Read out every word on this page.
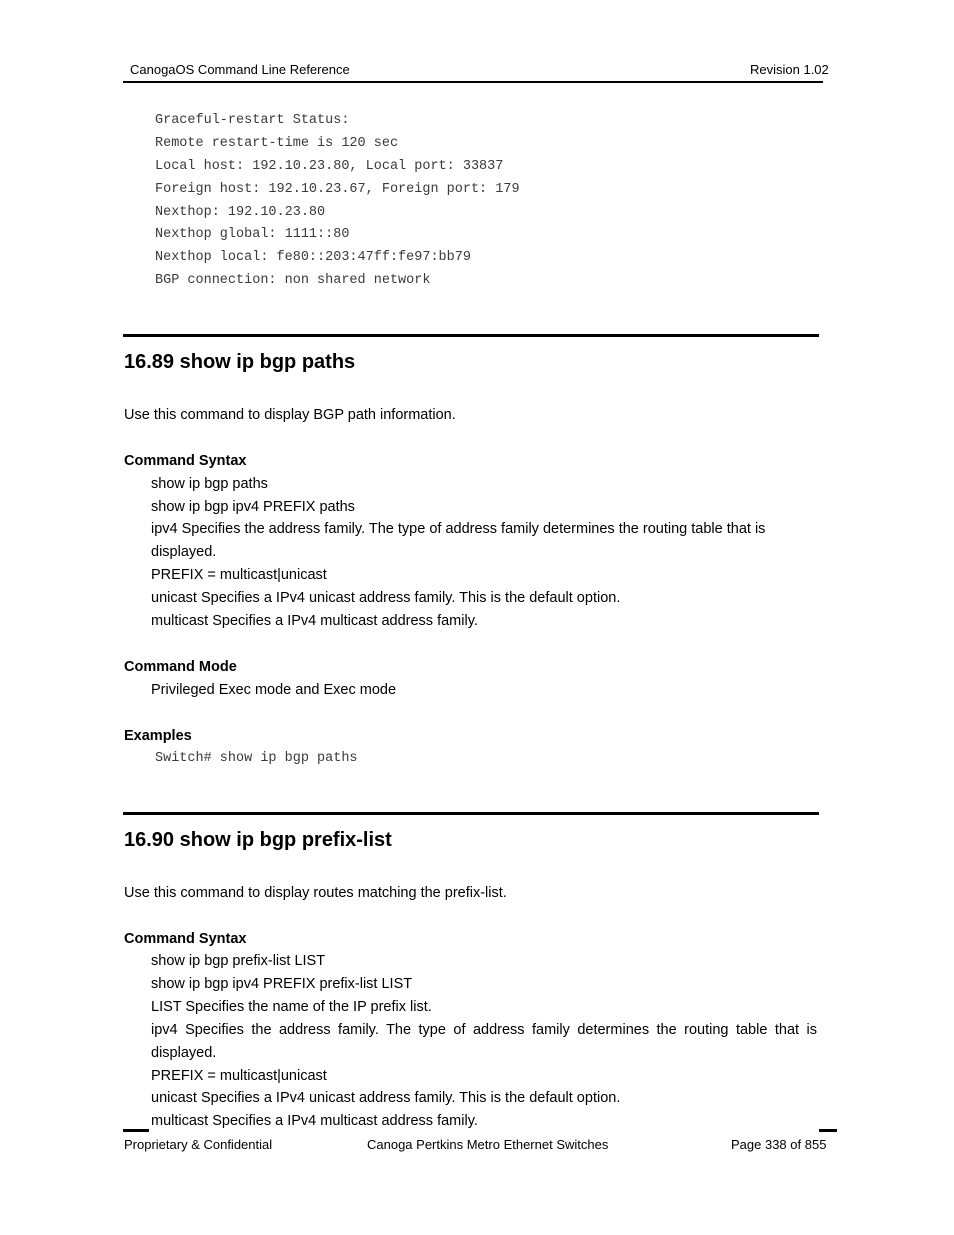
CanogaOS Command Line Reference	Revision 1.02
Graceful-restart Status:
Remote restart-time is 120 sec
Local host: 192.10.23.80, Local port: 33837
Foreign host: 192.10.23.67, Foreign port: 179
Nexthop: 192.10.23.80
Nexthop global: 1111::80
Nexthop local: fe80::203:47ff:fe97:bb79
BGP connection: non shared network
16.89 show ip bgp paths
Use this command to display BGP path information.
Command Syntax
show ip bgp paths
show ip bgp ipv4 PREFIX paths
ipv4 Specifies the address family. The type of address family determines the routing table that is
displayed.
PREFIX = multicast|unicast
unicast Specifies a IPv4 unicast address family. This is the default option.
multicast Specifies a IPv4 multicast address family.
Command Mode
Privileged Exec mode and Exec mode
Examples
Switch# show ip bgp paths
16.90 show ip bgp prefix-list
Use this command to display routes matching the prefix-list.
Command Syntax
show ip bgp prefix-list LIST
show ip bgp ipv4 PREFIX prefix-list LIST
LIST Specifies the name of the IP prefix list.
ipv4 Specifies the address family. The type of address family determines the routing table that is
displayed.
PREFIX = multicast|unicast
unicast Specifies a IPv4 unicast address family. This is the default option.
multicast Specifies a IPv4 multicast address family.
Proprietary & Confidential	Canoga Pertkins Metro Ethernet Switches	Page 338 of 855
